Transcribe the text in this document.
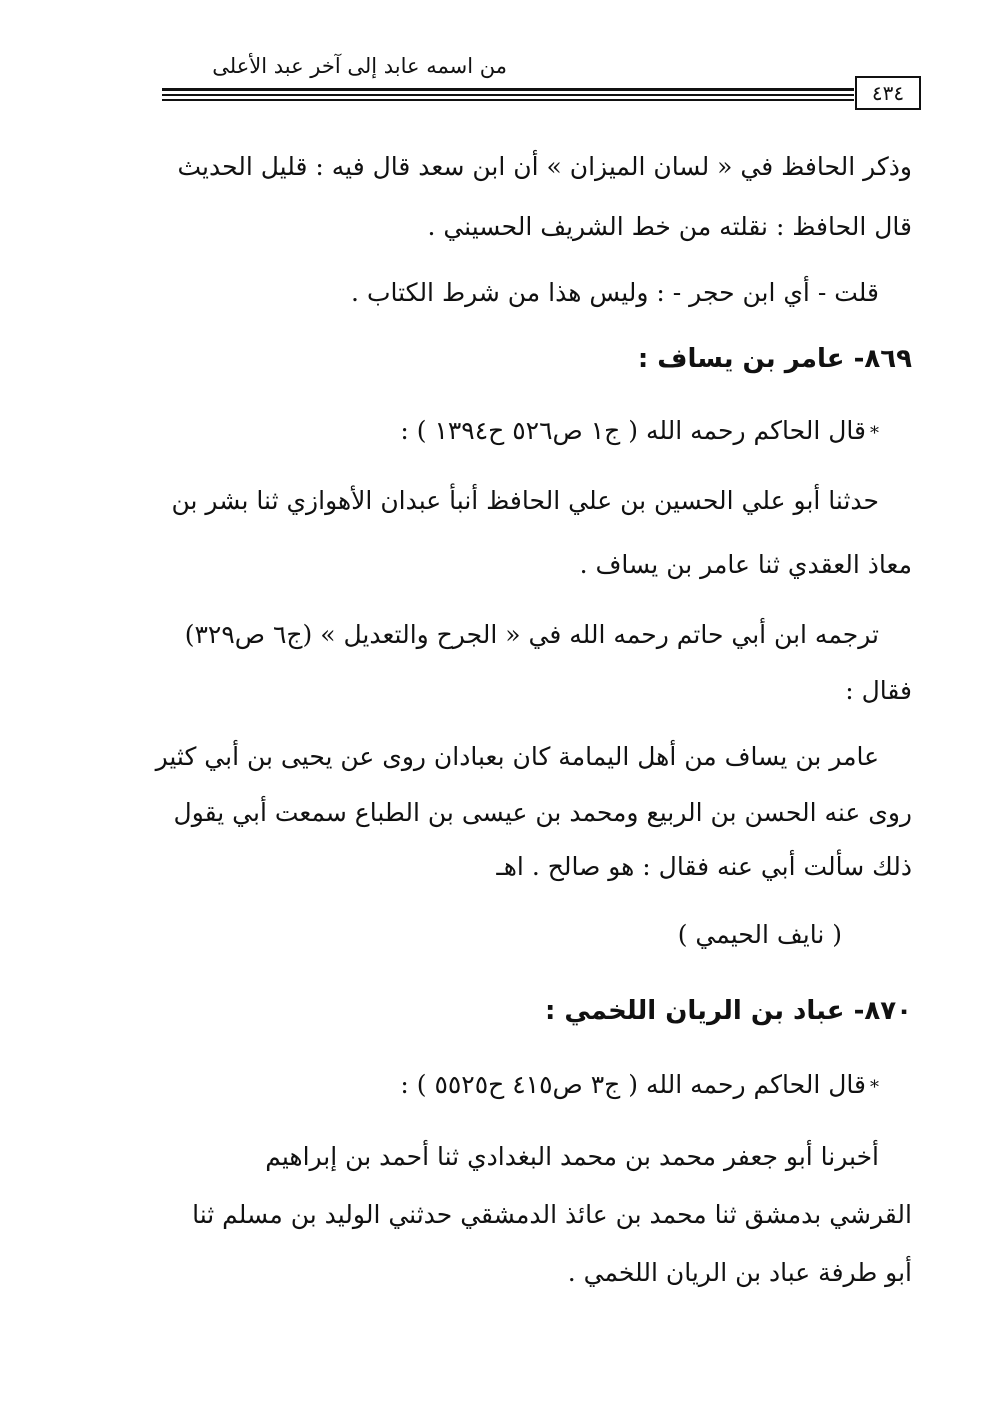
من اسمه عابد إلى آخر عبد الأعلى
٤٣٤
وذكر الحافظ في « لسان الميزان » أن ابن سعد قال فيه : قليل الحديث
قال الحافظ : نقلته من خط الشريف الحسيني .
قلت - أي ابن حجر - : وليس هذا من شرط الكتاب .
٨٦٩- عامر بن يساف :
*قال الحاكم رحمه الله ( ج١ ص٥٢٦ ح١٣٩٤ ) :
حدثنا أبو علي الحسين بن علي الحافظ أنبأ عبدان الأهوازي ثنا بشر بن
معاذ العقدي ثنا عامر بن يساف .
ترجمه ابن أبي حاتم رحمه الله في « الجرح والتعديل » (ج٦ ص٣٢٩)
فقال :
عامر بن يساف من أهل اليمامة كان بعبادان روى عن يحيى بن أبي كثير
روى عنه الحسن بن الربيع ومحمد بن عيسى بن الطباع سمعت أبي يقول
ذلك سألت أبي عنه فقال : هو صالح . اهـ
( نايف الحيمي )
٨٧٠- عباد بن الريان اللخمي :
*قال الحاكم رحمه الله ( ج٣ ص٤١٥ ح٥٥٢٥ ) :
أخبرنا أبو جعفر محمد بن محمد البغدادي ثنا أحمد بن إبراهيم
القرشي بدمشق ثنا محمد بن عائذ الدمشقي حدثني الوليد بن مسلم ثنا
أبو طرفة عباد بن الريان اللخمي .
